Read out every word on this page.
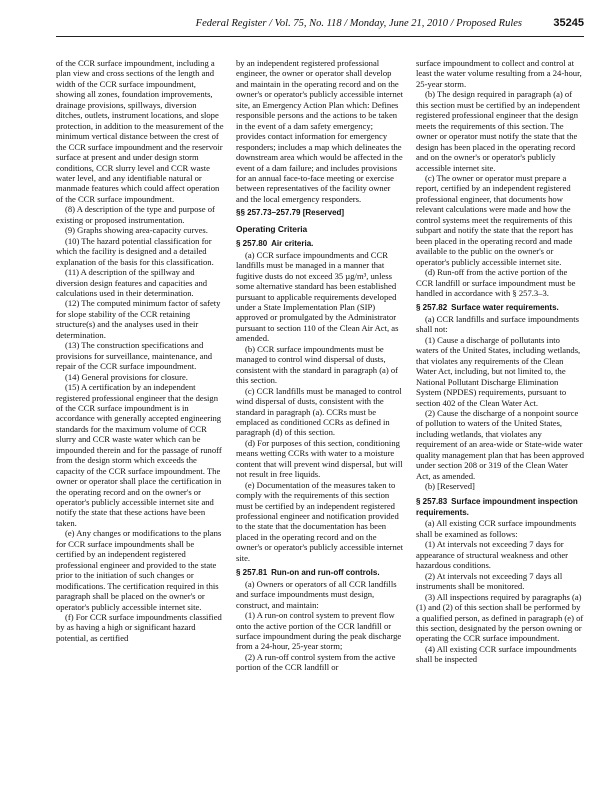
Federal Register / Vol. 75, No. 118 / Monday, June 21, 2010 / Proposed Rules	35245

of the CCR surface impoundment, including a plan view and cross sections of the length and width of the CCR surface impoundment, showing all zones, foundation improvements, drainage provisions, spillways, diversion ditches, outlets, instrument locations, and slope protection, in addition to the measurement of the minimum vertical distance between the crest of the CCR surface impoundment and the reservoir surface at present and under design storm conditions, CCR slurry level and CCR waste water level, and any identifiable natural or manmade features which could affect operation of the CCR surface impoundment.

(8) A description of the type and purpose of existing or proposed instrumentation.

(9) Graphs showing area-capacity curves.

(10) The hazard potential classification for which the facility is designed and a detailed explanation of the basis for this classification.

(11) A description of the spillway and diversion design features and capacities and calculations used in their determination.

(12) The computed minimum factor of safety for slope stability of the CCR retaining structure(s) and the analyses used in their determination.

(13) The construction specifications and provisions for surveillance, maintenance, and repair of the CCR surface impoundment.

(14) General provisions for closure.

(15) A certification by an independent registered professional engineer that the design of the CCR surface impoundment is in accordance with generally accepted engineering standards for the maximum volume of CCR slurry and CCR waste water which can be impounded therein and for the passage of runoff from the design storm which exceeds the capacity of the CCR surface impoundment. The owner or operator shall place the certification in the operating record and on the owner's or operator's publicly accessible internet site and notify the state that these actions have been taken.

(e) Any changes or modifications to the plans for CCR surface impoundments shall be certified by an independent registered professional engineer and provided to the state prior to the initiation of such changes or modifications. The certification required in this paragraph shall be placed on the owner's or operator's publicly accessible internet site.

(f) For CCR surface impoundments classified by as having a high or significant hazard potential, as certified

by an independent registered professional engineer, the owner or operator shall develop and maintain in the operating record and on the owner's or operator's publicly accessible internet site, an Emergency Action Plan which: Defines responsible persons and the actions to be taken in the event of a dam safety emergency; provides contact information for emergency responders; includes a map which delineates the downstream area which would be affected in the event of a dam failure; and includes provisions for an annual face-to-face meeting or exercise between representatives of the facility owner and the local emergency responders.

§§ 257.73–257.79 [Reserved]

Operating Criteria

§ 257.80 Air criteria.

(a) CCR surface impoundments and CCR landfills must be managed in a manner that fugitive dusts do not exceed 35 µg/m³, unless some alternative standard has been established pursuant to applicable requirements developed under a State Implementation Plan (SIP) approved or promulgated by the Administrator pursuant to section 110 of the Clean Air Act, as amended.

(b) CCR surface impoundments must be managed to control wind dispersal of dusts, consistent with the standard in paragraph (a) of this section.

(c) CCR landfills must be managed to control wind dispersal of dusts, consistent with the standard in paragraph (a). CCRs must be emplaced as conditioned CCRs as defined in paragraph (d) of this section.

(d) For purposes of this section, conditioning means wetting CCRs with water to a moisture content that will prevent wind dispersal, but will not result in free liquids.

(e) Documentation of the measures taken to comply with the requirements of this section must be certified by an independent registered professional engineer and notification provided to the state that the documentation has been placed in the operating record and on the owner's or operator's publicly accessible internet site.

§ 257.81 Run-on and run-off controls.

(a) Owners or operators of all CCR landfills and surface impoundments must design, construct, and maintain:

(1) A run-on control system to prevent flow onto the active portion of the CCR landfill or surface impoundment during the peak discharge from a 24-hour, 25-year storm;

(2) A run-off control system from the active portion of the CCR landfill or

surface impoundment to collect and control at least the water volume resulting from a 24-hour, 25-year storm.

(b) The design required in paragraph (a) of this section must be certified by an independent registered professional engineer that the design meets the requirements of this section. The owner or operator must notify the state that the design has been placed in the operating record and on the owner's or operator's publicly accessible internet site.

(c) The owner or operator must prepare a report, certified by an independent registered professional engineer, that documents how relevant calculations were made and how the control systems meet the requirements of this subpart and notify the state that the report has been placed in the operating record and made available to the public on the owner's or operator's publicly accessible internet site.

(d) Run-off from the active portion of the CCR landfill or surface impoundment must be handled in accordance with § 257.3–3.

§ 257.82 Surface water requirements.

(a) CCR landfills and surface impoundments shall not:

(1) Cause a discharge of pollutants into waters of the United States, including wetlands, that violates any requirements of the Clean Water Act, including, but not limited to, the National Pollutant Discharge Elimination System (NPDES) requirements, pursuant to section 402 of the Clean Water Act.

(2) Cause the discharge of a nonpoint source of pollution to waters of the United States, including wetlands, that violates any requirement of an area-wide or State-wide water quality management plan that has been approved under section 208 or 319 of the Clean Water Act, as amended.

(b) [Reserved]

§ 257.83 Surface impoundment inspection requirements.

(a) All existing CCR surface impoundments shall be examined as follows:

(1) At intervals not exceeding 7 days for appearance of structural weakness and other hazardous conditions.

(2) At intervals not exceeding 7 days all instruments shall be monitored.

(3) All inspections required by paragraphs (a)(1) and (2) of this section shall be performed by a qualified person, as defined in paragraph (e) of this section, designated by the person owning or operating the CCR surface impoundment.

(4) All existing CCR surface impoundments shall be inspected
